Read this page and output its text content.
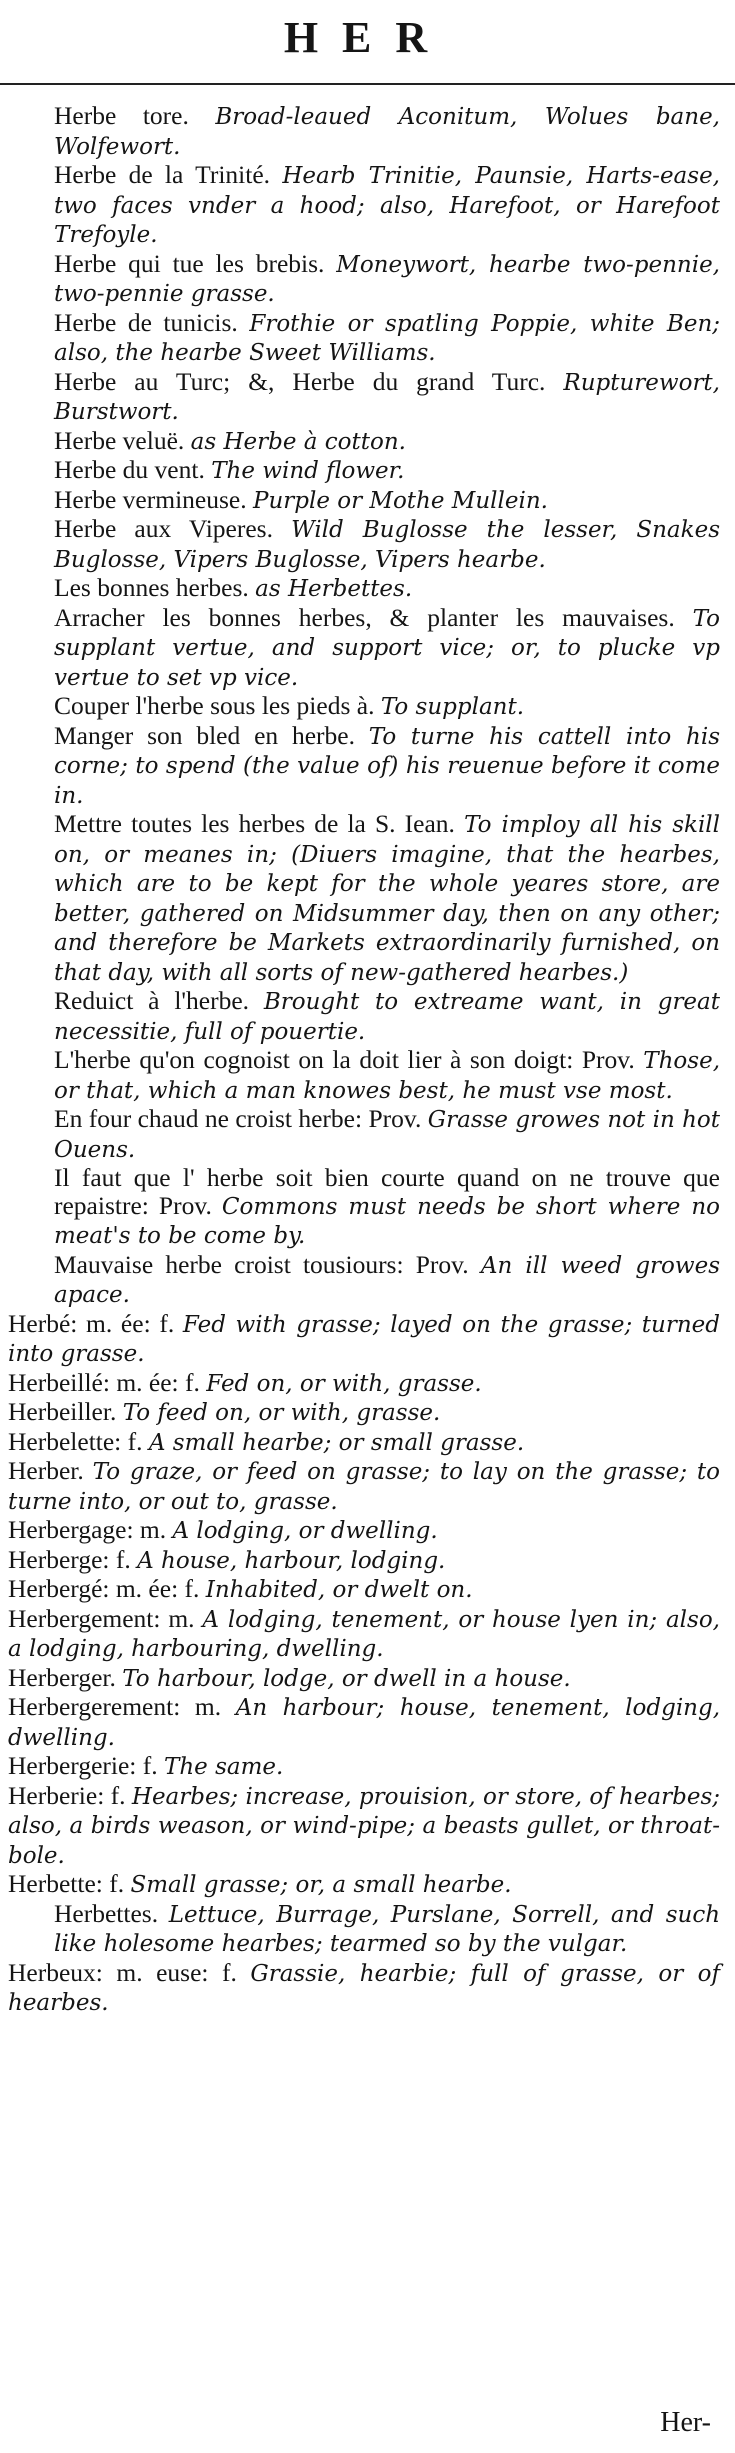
HER

Herbe tore. Broad-leaued Aconitum, Wolues bane, Wolfewort.

Herbe de la Trinité. Hearb Trinitie, Paunsie, Harts-ease, two faces vnder a hood; also, Harefoot, or Harefoot Trefoyle.

Herbe qui tue les brebis. Moneywort, hearbe two-pennie, two-pennie grasse.

Herbe de tunicis. Frothie or spatling Poppie, white Ben; also, the hearbe Sweet Williams.

Herbe au Turc; &, Herbe du grand Turc. Rupturewort, Burstwort.

Herbe veluë. as Herbe à cotton.

Herbe du vent. The wind flower.

Herbe vermineuse. Purple or Mothe Mullein.

Herbe aux Viperes. Wild Buglosse the lesser, Snakes Buglosse, Vipers Buglosse, Vipers hearbe.

Les bonnes herbes. as Herbettes.

Arracher les bonnes herbes, & planter les mauvaises. To supplant vertue, and support vice; or, to plucke vp vertue to set vp vice.

Couper l'herbe sous les pieds à. To supplant.

Manger son bled en herbe. To turne his cattell into his corne; to spend (the value of) his reuenue before it come in.

Mettre toutes les herbes de la S. Iean. To imploy all his skill on, or meanes in; (Diuers imagine, that the hearbes, which are to be kept for the whole yeares store, are better, gathered on Midsummer day, then on any other; and therefore be Markets extraordinarily furnished, on that day, with all sorts of new-gathered hearbes.)

Reduict à l'herbe. Brought to extreame want, in great necessitie, full of pouertie.

L'herbe qu'on cognoist on la doit lier à son doigt: Prov. Those, or that, which a man knowes best, he must vse most.

En four chaud ne croist herbe: Prov. Grasse growes not in hot Ouens.

Il faut que l' herbe soit bien courte quand on ne trouve que repaistre: Prov. Commons must needs be short where no meat's to be come by.

Mauvaise herbe croist tousiours: Prov. An ill weed growes apace.

Herbé: m. ée: f. Fed with grasse; layed on the grasse; turned into grasse.

Herbeillé: m. ée: f. Fed on, or with, grasse.

Herbeiller. To feed on, or with, grasse.

Herbelette: f. A small hearbe; or small grasse.

Herber. To graze, or feed on grasse; to lay on the grasse; to turne into, or out to, grasse.

Herbergage: m. A lodging, or dwelling.

Herberge: f. A house, harbour, lodging.

Herbergé: m. ée: f. Inhabited, or dwelt on.

Herbergement: m. A lodging, tenement, or house lyen in; also, a lodging, harbouring, dwelling.

Herberger. To harbour, lodge, or dwell in a house.

Herbergerement: m. An harbour; house, tenement, lodging, dwelling.

Herbergerie: f. The same.

Herberie: f. Hearbes; increase, prouision, or store, of hearbes; also, a birds weason, or wind-pipe; a beasts gullet, or throat-bole.

Herbette: f. Small grasse; or, a small hearbe.

Herbettes. Lettuce, Burrage, Purslane, Sorrell, and such like holesome hearbes; tearmed so by the vulgar.

Herbeux: m. euse: f. Grassie, hearbie; full of grasse, or of hearbes.

Her-
